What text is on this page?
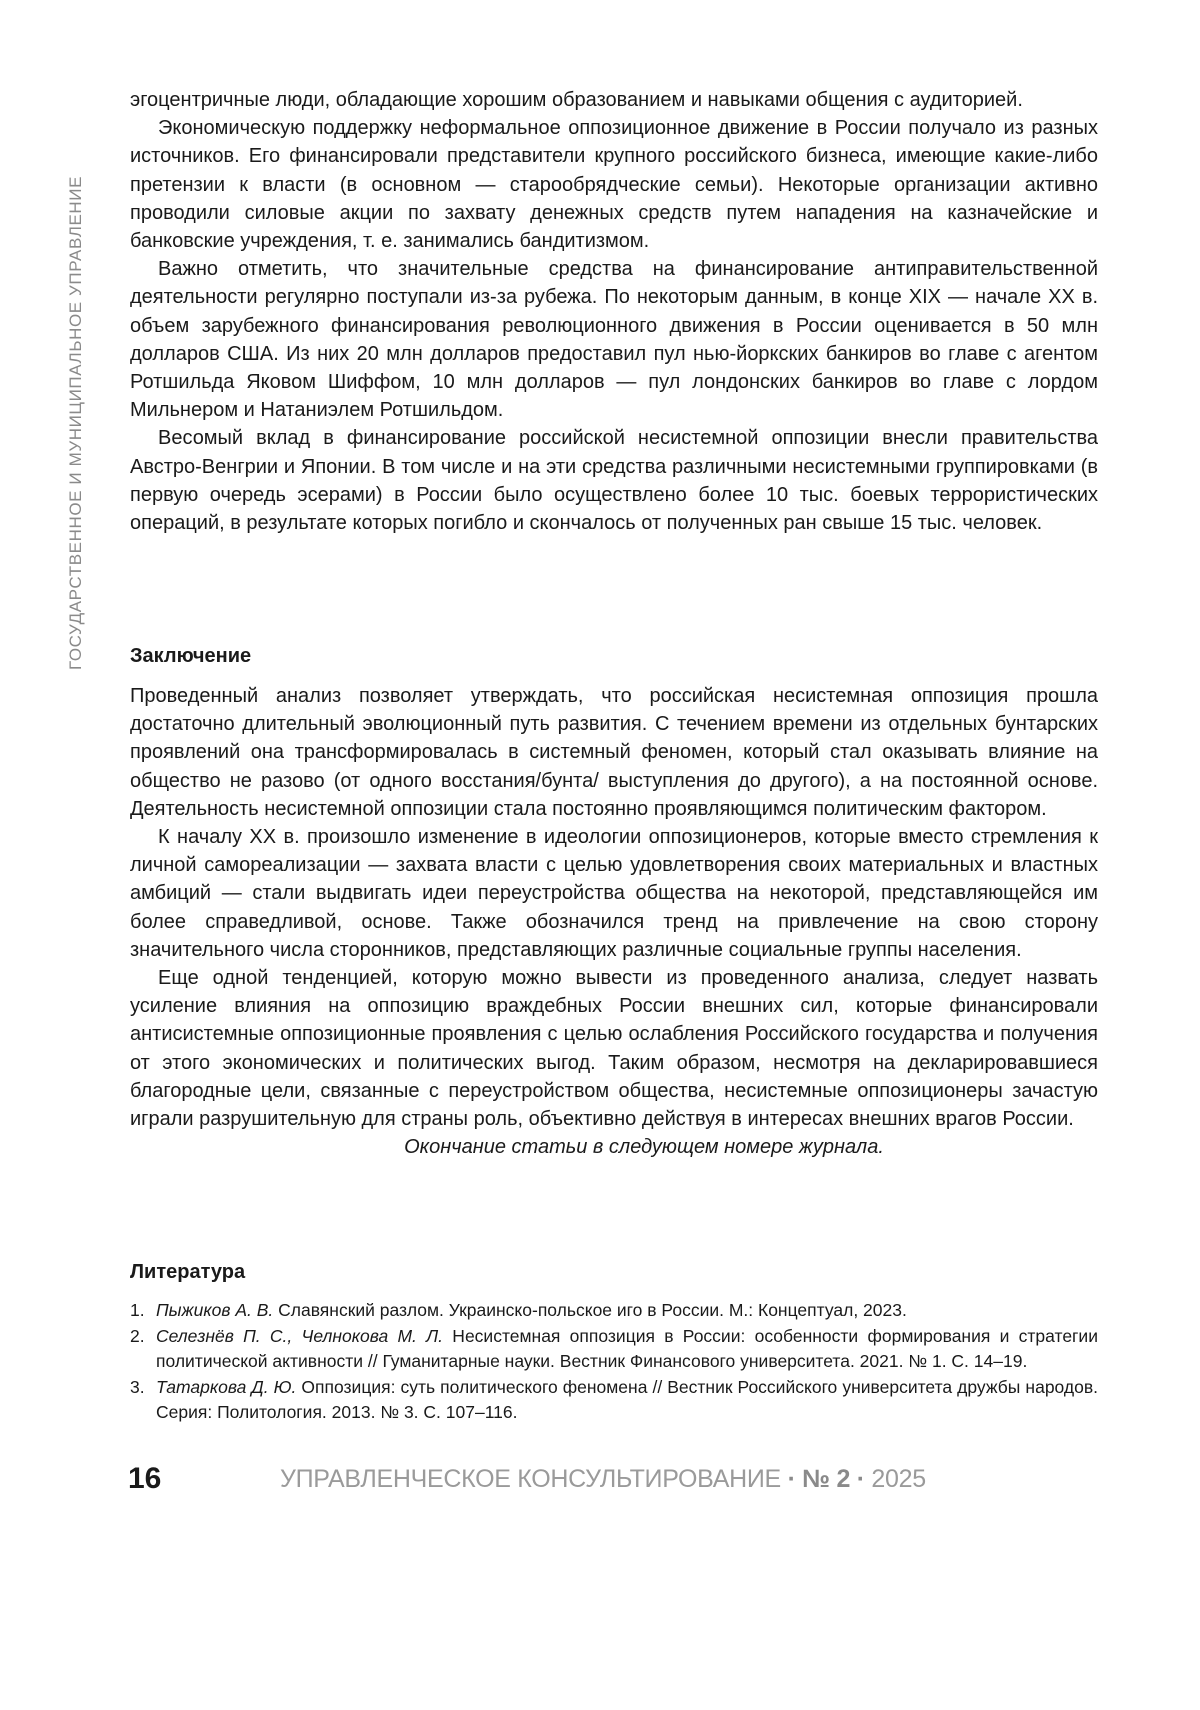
ГОСУДАРСТВЕННОЕ И МУНИЦИПАЛЬНОЕ УПРАВЛЕНИЕ

эгоцентричные люди, обладающие хорошим образованием и навыками общения с аудиторией.

Экономическую поддержку неформальное оппозиционное движение в России получало из разных источников. Его финансировали представители крупного российского бизнеса, имеющие какие-либо претензии к власти (в основном — старообрядческие семьи). Некоторые организации активно проводили силовые акции по захвату денежных средств путем нападения на казначейские и банковские учреждения, т. е. занимались бандитизмом.

Важно отметить, что значительные средства на финансирование антиправительственной деятельности регулярно поступали из-за рубежа. По некоторым данным, в конце XIX — начале XX в. объем зарубежного финансирования революционного движения в России оценивается в 50 млн долларов США. Из них 20 млн долларов предоставил пул нью-йоркских банкиров во главе с агентом Ротшильда Яковом Шиффом, 10 млн долларов — пул лондонских банкиров во главе с лордом Мильнером и Натаниэлем Ротшильдом.

Весомый вклад в финансирование российской несистемной оппозиции внесли правительства Австро-Венгрии и Японии. В том числе и на эти средства различными несистемными группировками (в первую очередь эсерами) в России было осуществлено более 10 тыс. боевых террористических операций, в результате которых погибло и скончалось от полученных ран свыше 15 тыс. человек.

Заключение

Проведенный анализ позволяет утверждать, что российская несистемная оппозиция прошла достаточно длительный эволюционный путь развития. С течением времени из отдельных бунтарских проявлений она трансформировалась в системный феномен, который стал оказывать влияние на общество не разово (от одного восстания/бунта/ выступления до другого), а на постоянной основе. Деятельность несистемной оппозиции стала постоянно проявляющимся политическим фактором.

К началу XX в. произошло изменение в идеологии оппозиционеров, которые вместо стремления к личной самореализации — захвата власти с целью удовлетворения своих материальных и властных амбиций — стали выдвигать идеи переустройства общества на некоторой, представляющейся им более справедливой, основе. Также обозначился тренд на привлечение на свою сторону значительного числа сторонников, представляющих различные социальные группы населения.

Еще одной тенденцией, которую можно вывести из проведенного анализа, следует назвать усиление влияния на оппозицию враждебных России внешних сил, которые финансировали антисистемные оппозиционные проявления с целью ослабления Российского государства и получения от этого экономических и политических выгод. Таким образом, несмотря на декларировавшиеся благородные цели, связанные с переустройством общества, несистемные оппозиционеры зачастую играли разрушительную для страны роль, объективно действуя в интересах внешних врагов России.

Окончание статьи в следующем номере журнала.
Литература
1. Пыжиков А. В. Славянский разлом. Украинско-польское иго в России. М.: Концептуал, 2023.
2. Селезнёв П. С., Челнокова М. Л. Несистемная оппозиция в России: особенности формирования и стратегии политической активности // Гуманитарные науки. Вестник Финансового университета. 2021. № 1. С. 14–19.
3. Татаркова Д. Ю. Оппозиция: суть политического феномена // Вестник Российского университета дружбы народов. Серия: Политология. 2013. № 3. С. 107–116.
16	УПРАВЛЕНЧЕСКОЕ КОНСУЛЬТИРОВАНИЕ · № 2 · 2025
